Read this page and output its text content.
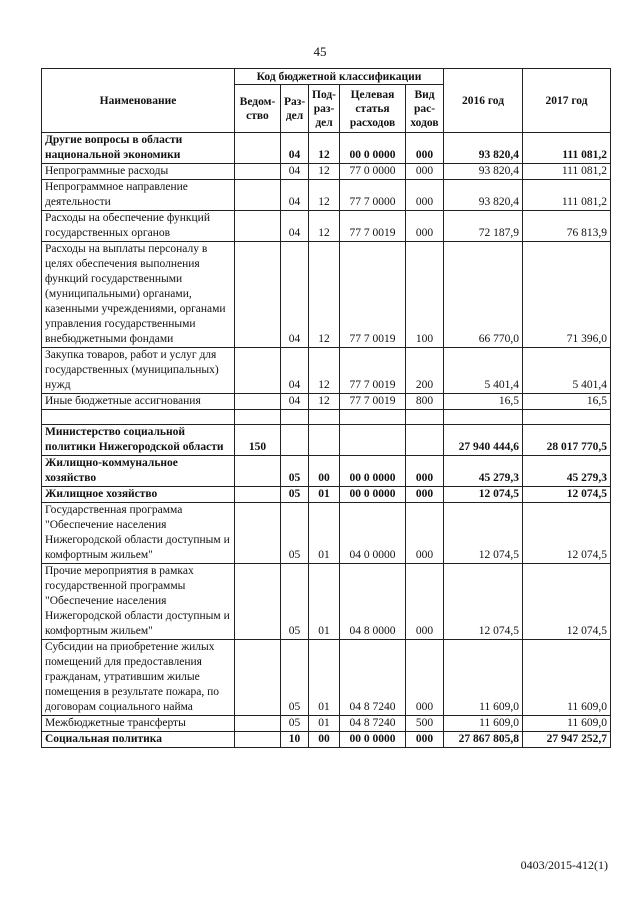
45
Наименование	Код бюджетной классификации					2016 год	2017 год
	Ведом-ство	Раз-дел	Под-раз-дел	Целевая статья расходов	Вид рас-ходов		
Другие вопросы в области национальной экономики		04	12	00 0 0000	000	93 820,4	111 081,2
Непрограммные расходы		04	12	77 0 0000	000	93 820,4	111 081,2
Непрограммное направление деятельности		04	12	77 7 0000	000	93 820,4	111 081,2
Расходы на обеспечение функций государственных органов		04	12	77 7 0019	000	72 187,9	76 813,9
Расходы на выплаты персоналу в целях обеспечения выполнения функций государственными (муниципальными) органами, казенными учреждениями, органами управления государственными внебюджетными фондами		04	12	77 7 0019	100	66 770,0	71 396,0
Закупка товаров, работ и услуг для государственных (муниципальных) нужд		04	12	77 7 0019	200	5 401,4	5 401,4
Иные бюджетные ассигнования		04	12	77 7 0019	800	16,5	16,5

Министерство социальной политики Нижегородской области	150					27 940 444,6	28 017 770,5
Жилищно-коммунальное хозяйство		05	00	00 0 0000	000	45 279,3	45 279,3
Жилищное хозяйство		05	01	00 0 0000	000	12 074,5	12 074,5
Государственная программа "Обеспечение населения Нижегородской области доступным и комфортным жильем"		05	01	04 0 0000	000	12 074,5	12 074,5
Прочие мероприятия в рамках государственной программы "Обеспечение населения Нижегородской области доступным и комфортным жильем"		05	01	04 8 0000	000	12 074,5	12 074,5
Субсидии на приобретение жилых помещений для предоставления гражданам, утратившим жилые помещения в результате пожара, по договорам социального найма		05	01	04 8 7240	000	11 609,0	11 609,0
Межбюджетные трансферты		05	01	04 8 7240	500	11 609,0	11 609,0
Социальная политика		10	00	00 0 0000	000	27 867 805,8	27 947 252,7
0403/2015-412(1)
